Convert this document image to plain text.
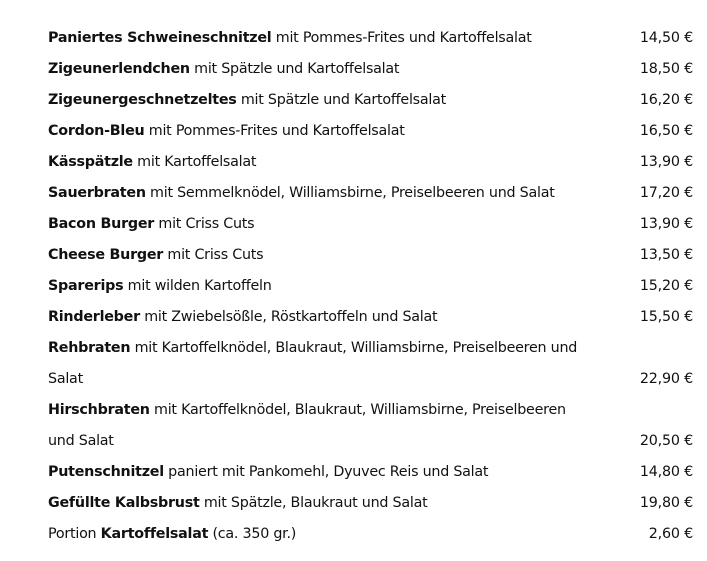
Paniertes Schweineschnitzel mit Pommes-Frites und Kartoffelsalat	14,50 €
Zigeunerlendchen mit Spätzle und Kartoffelsalat	18,50 €
Zigeunergeschnetzeltes mit Spätzle und Kartoffelsalat	16,20 €
Cordon-Bleu mit Pommes-Frites und Kartoffelsalat	16,50 €
Kässpätzle mit Kartoffelsalat	13,90 €
Sauerbraten mit Semmelknödel, Williamsbirne, Preiselbeeren und Salat	17,20 €
Bacon Burger mit Criss Cuts	13,90 €
Cheese Burger mit Criss Cuts	13,50 €
Sparerips mit wilden Kartoffeln	15,20 €
Rinderleber mit Zwiebelsößle, Röstkartoffeln und Salat	15,50 €
Rehbraten mit Kartoffelknödel, Blaukraut, Williamsbirne, Preiselbeeren und Salat	22,90 €
Hirschbraten mit Kartoffelknödel, Blaukraut, Williamsbirne, Preiselbeeren und Salat	20,50 €
Putenschnitzel paniert mit Pankomehl, Dyuvec Reis und Salat	14,80 €
Gefüllte Kalbsbrust mit Spätzle, Blaukraut und Salat	19,80 €
Portion Kartoffelsalat (ca. 350 gr.)	2,60 €
